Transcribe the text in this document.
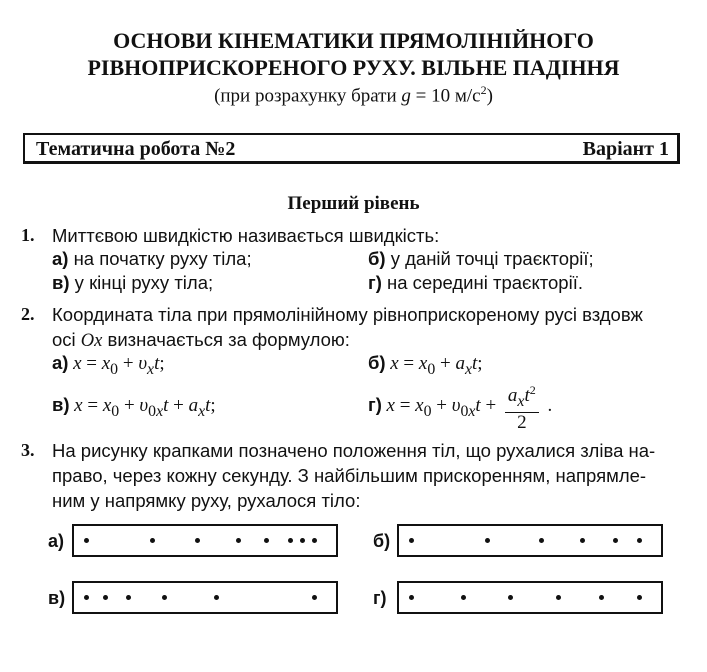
ОСНОВИ КІНЕМАТИКИ ПРЯМОЛІНІЙНОГО
РІВНОПРИСКОРЕНОГО РУХУ. ВІЛЬНЕ ПАДІННЯ
(при розрахунку брати g = 10 $м/с^2$)
Тематична робота №2	Варіант 1
Перший рівень
1. Миттєвою швидкістю називається швидкість:
а) на початку руху тіла;	б) у даній точці траєкторії;
в) у кінці руху тіла;	г) на середині траєкторії.
2. Координата тіла при прямолінійному рівноприскореному русі вздовж
осі Ox визначається за формулою:
а) $x = x_0 + \upsilon_xt$;	б) $x = x_0 + a_xt$;
в) $x = x_0 + \upsilon_{0x}t + a_xt$;	г) $x = x_0 + \upsilon_{0x}t + \frac{a_xt^2}{2}$ .
3. На рисунку крапками позначено положення тіл, що рухалися зліва на-
право, через кожну секунду. З найбільшим прискоренням, напрямле-
ним у напрямку руху, рухалося тіло:
а)	б)
в)	г)
